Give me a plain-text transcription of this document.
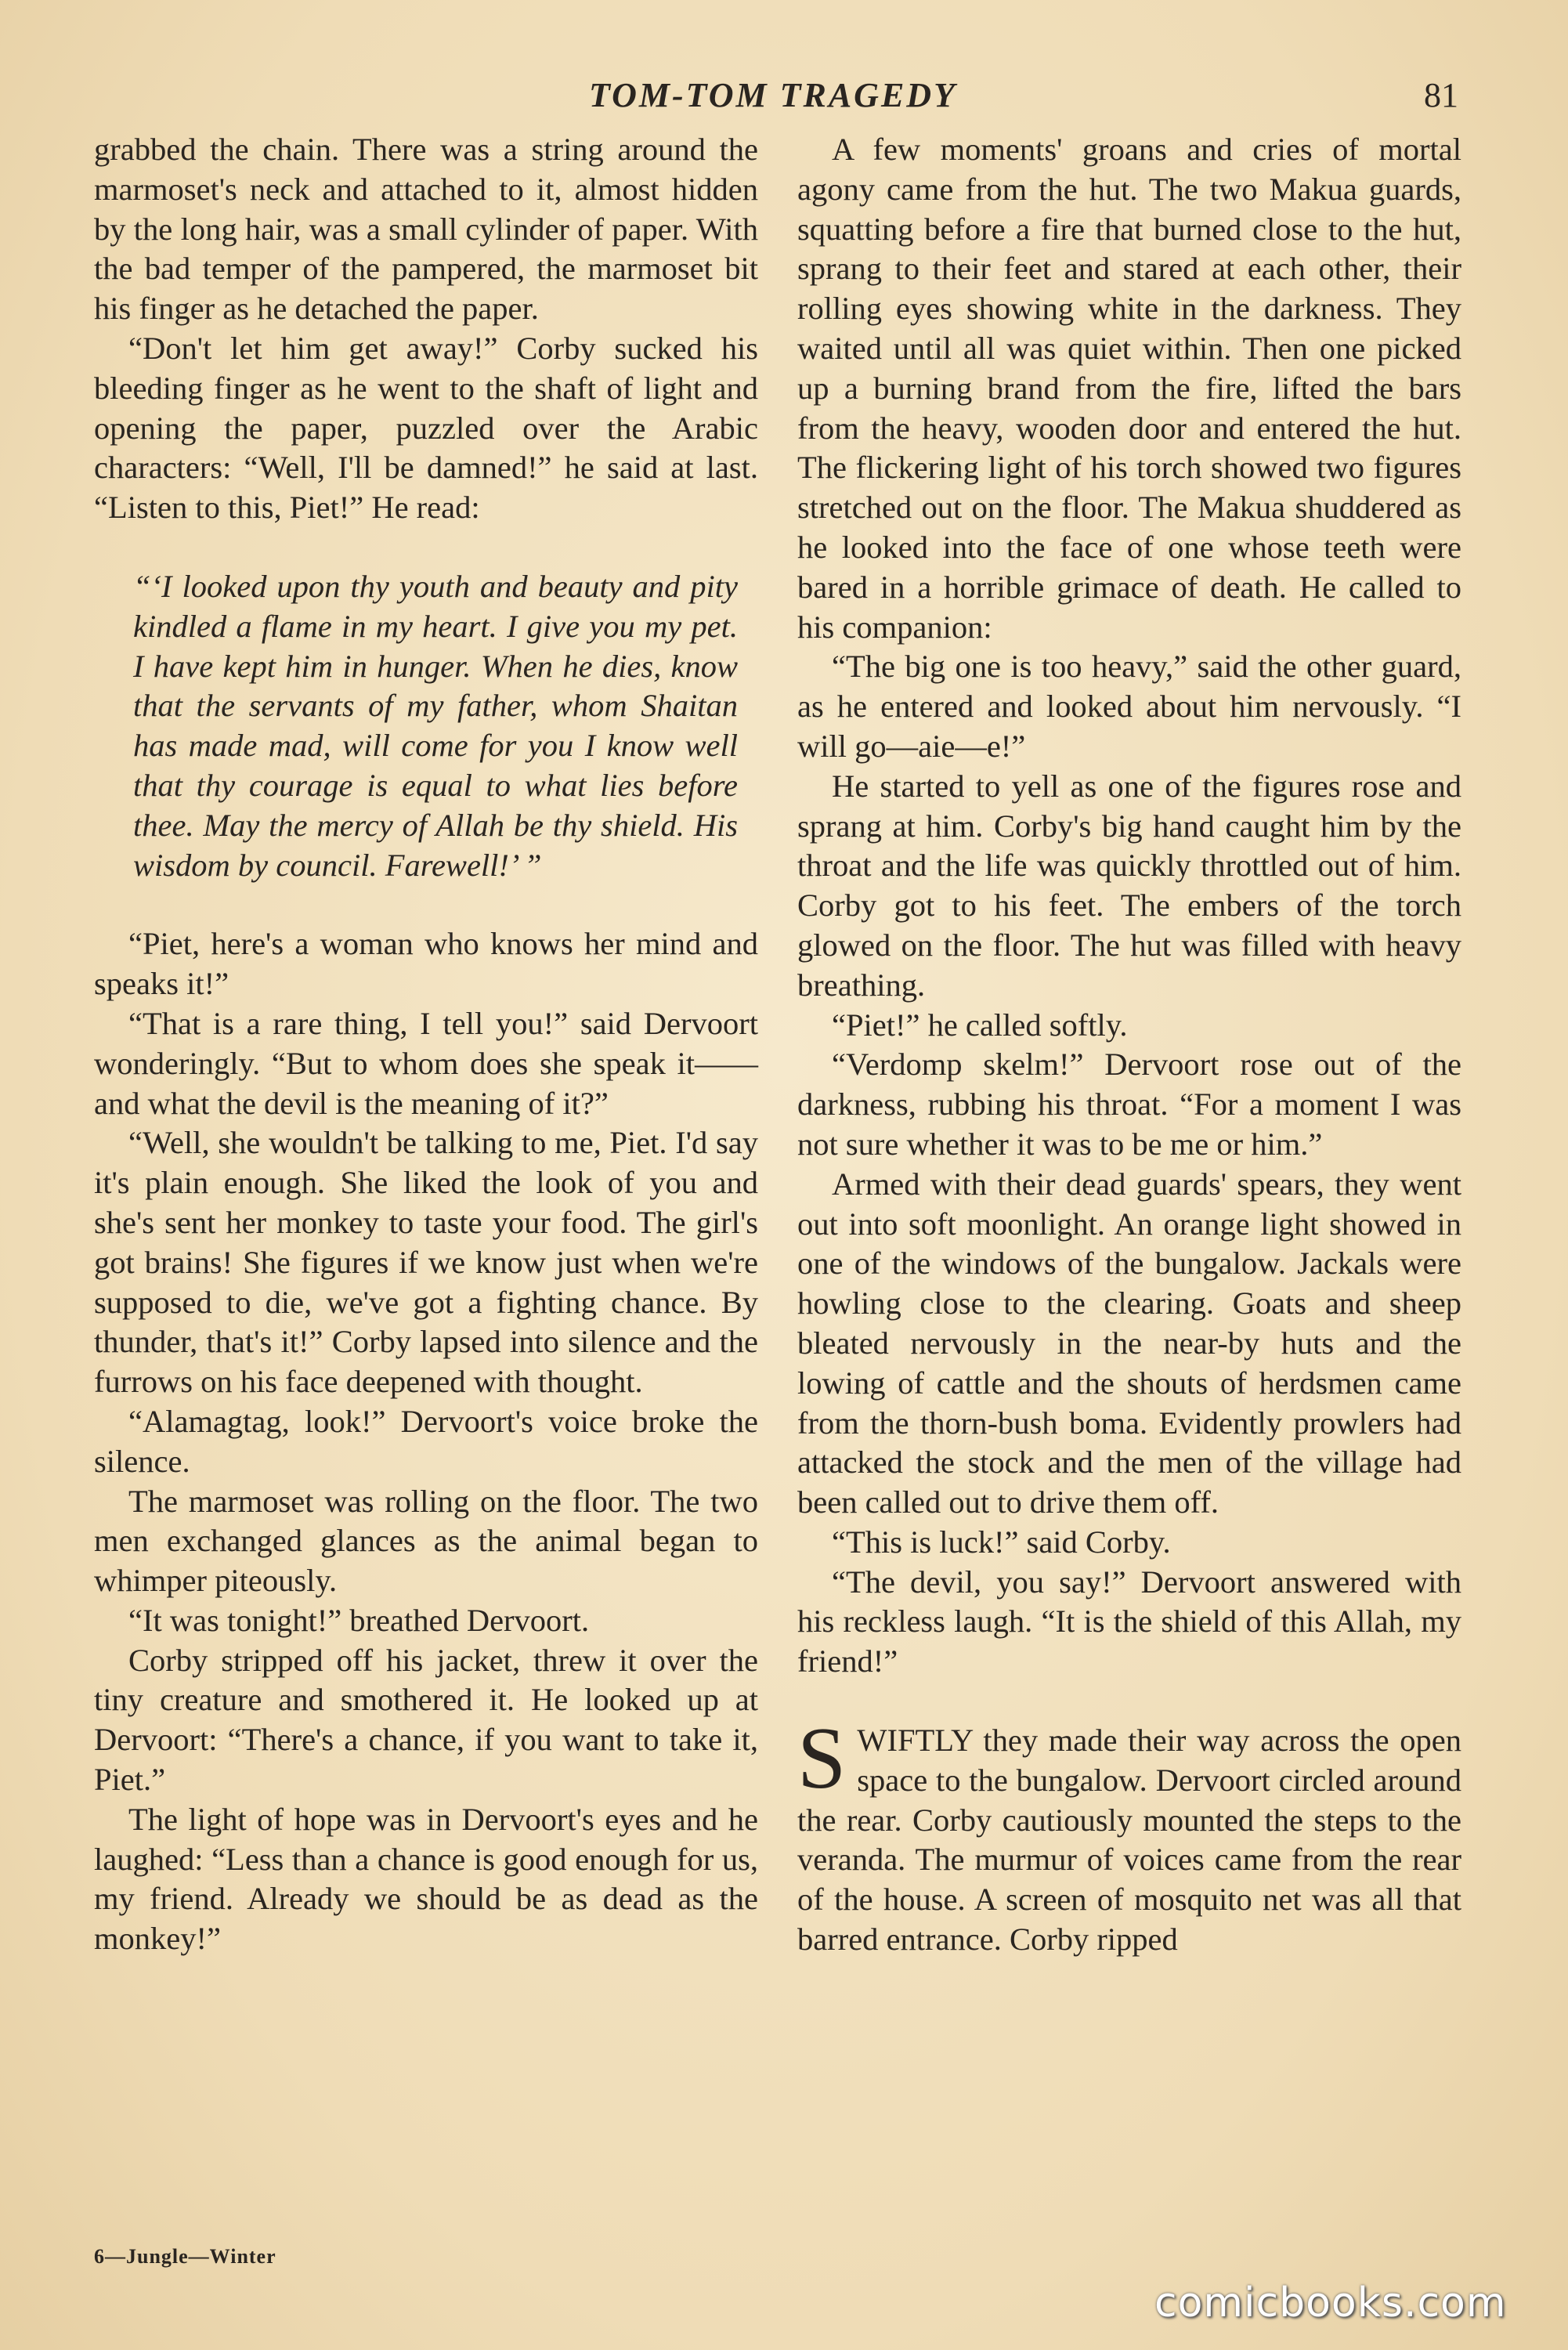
TOM-TOM TRAGEDY	81

grabbed the chain. There was a string around the marmoset's neck and attached to it, almost hidden by the long hair, was a small cylinder of paper. With the bad temper of the pampered, the marmoset bit his finger as he detached the paper.

“Don't let him get away!” Corby sucked his bleeding finger as he went to the shaft of light and opening the paper, puzzled over the Arabic characters: “Well, I'll be damned!” he said at last. “Listen to this, Piet!” He read:

“‘I looked upon thy youth and beauty and pity kindled a flame in my heart. I give you my pet. I have kept him in hunger. When he dies, know that the servants of my father, whom Shaitan has made mad, will come for you I know well that thy courage is equal to what lies before thee. May the mercy of Allah be thy shield. His wisdom by council. Farewell!’ ”

“Piet, here's a woman who knows her mind and speaks it!”

“That is a rare thing, I tell you!” said Dervoort wonderingly. “But to whom does she speak it——and what the devil is the meaning of it?”

“Well, she wouldn't be talking to me, Piet. I'd say it's plain enough. She liked the look of you and she's sent her monkey to taste your food. The girl's got brains! She figures if we know just when we're supposed to die, we've got a fighting chance. By thunder, that's it!” Corby lapsed into silence and the furrows on his face deepened with thought.

“Alamagtag, look!” Dervoort's voice broke the silence.

The marmoset was rolling on the floor. The two men exchanged glances as the animal began to whimper piteously.

“It was tonight!” breathed Dervoort.

Corby stripped off his jacket, threw it over the tiny creature and smothered it. He looked up at Dervoort: “There's a chance, if you want to take it, Piet.”

The light of hope was in Dervoort's eyes and he laughed: “Less than a chance is good enough for us, my friend. Already we should be as dead as the monkey!”

A few moments' groans and cries of mortal agony came from the hut. The two Makua guards, squatting before a fire that burned close to the hut, sprang to their feet and stared at each other, their rolling eyes showing white in the darkness. They waited until all was quiet within. Then one picked up a burning brand from the fire, lifted the bars from the heavy, wooden door and entered the hut. The flickering light of his torch showed two figures stretched out on the floor. The Makua shuddered as he looked into the face of one whose teeth were bared in a horrible grimace of death. He called to his companion:

“The big one is too heavy,” said the other guard, as he entered and looked about him nervously. “I will go—aie—e!”

He started to yell as one of the figures rose and sprang at him. Corby's big hand caught him by the throat and the life was quickly throttled out of him. Corby got to his feet. The embers of the torch glowed on the floor. The hut was filled with heavy breathing.

“Piet!” he called softly.

“Verdomp skelm!” Dervoort rose out of the darkness, rubbing his throat. “For a moment I was not sure whether it was to be me or him.”

Armed with their dead guards' spears, they went out into soft moonlight. An orange light showed in one of the windows of the bungalow. Jackals were howling close to the clearing. Goats and sheep bleated nervously in the near-by huts and the lowing of cattle and the shouts of herdsmen came from the thorn-bush boma. Evidently prowlers had attacked the stock and the men of the village had been called out to drive them off.

“This is luck!” said Corby.

“The devil, you say!” Dervoort answered with his reckless laugh. “It is the shield of this Allah, my friend!”

SWIFTLY they made their way across the open space to the bungalow. Dervoort circled around the rear. Corby cautiously mounted the steps to the veranda. The murmur of voices came from the rear of the house. A screen of mosquito net was all that barred entrance. Corby ripped

6—Jungle—Winter
comicbooks.com
